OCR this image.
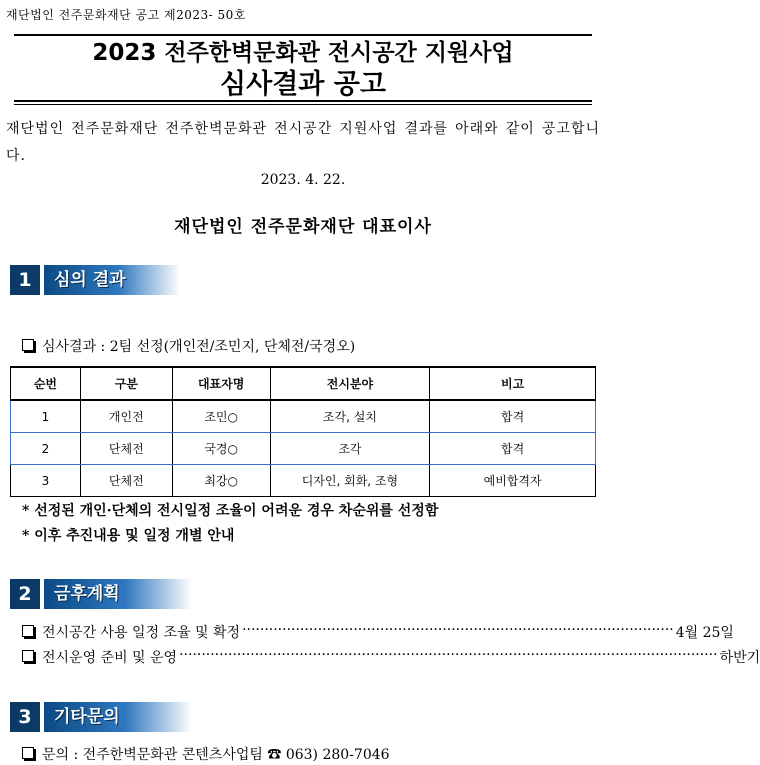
재단법인 전주문화재단 공고 제2023- 50호
2023 전주한벽문화관 전시공간 지원사업
심사결과 공고
재단법인 전주문화재단 전주한벽문화관 전시공간 지원사업 결과를 아래와 같이 공고합니다.
2023. 4. 22.
재단법인 전주문화재단 대표이사
1	심의 결과
심사결과 : 2팀 선정(개인전/조민지, 단체전/국경오)
순번	구분	대표자명	전시분야	비고
1	개인전	조민○	조각, 설치	합격
2	단체전	국경○	조각	합격
3	단체전	최강○	디자인, 회화, 조형	예비합격자
* 선정된 개인·단체의 전시일정 조율이 어려운 경우 차순위를 선정함
* 이후 추진내용 및 일정 개별 안내
2	금후계획
전시공간 사용 일정 조율 및 확정 ································································································· 4월 25일
전시운영 준비 및 운영 ························································································································· 하반기
3	기타문의
문의 : 전주한벽문화관 콘텐츠사업팀 ☎ 063) 280-7046
